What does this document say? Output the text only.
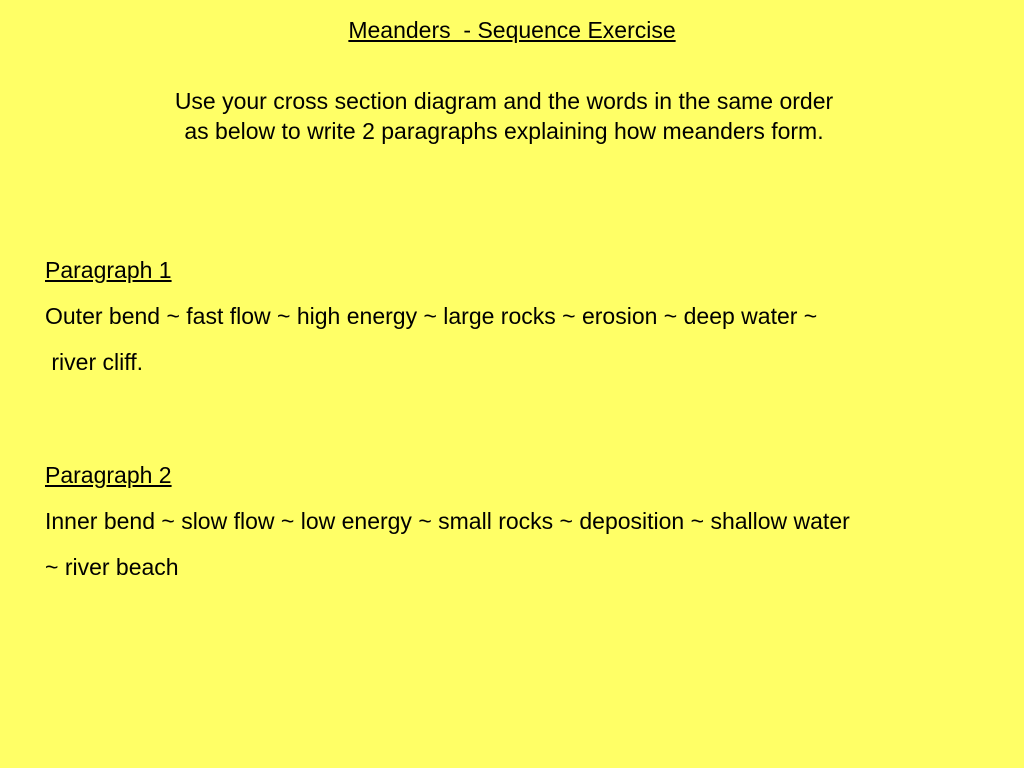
Meanders  - Sequence Exercise
Use your cross section diagram and the words in the same order
as below to write 2 paragraphs explaining how meanders form.
Paragraph 1
Outer bend ~ fast flow ~ high energy ~ large rocks ~ erosion ~ deep water ~
river cliff.
Paragraph 2
Inner bend ~ slow flow ~ low energy ~ small rocks ~ deposition ~ shallow water
~ river beach
